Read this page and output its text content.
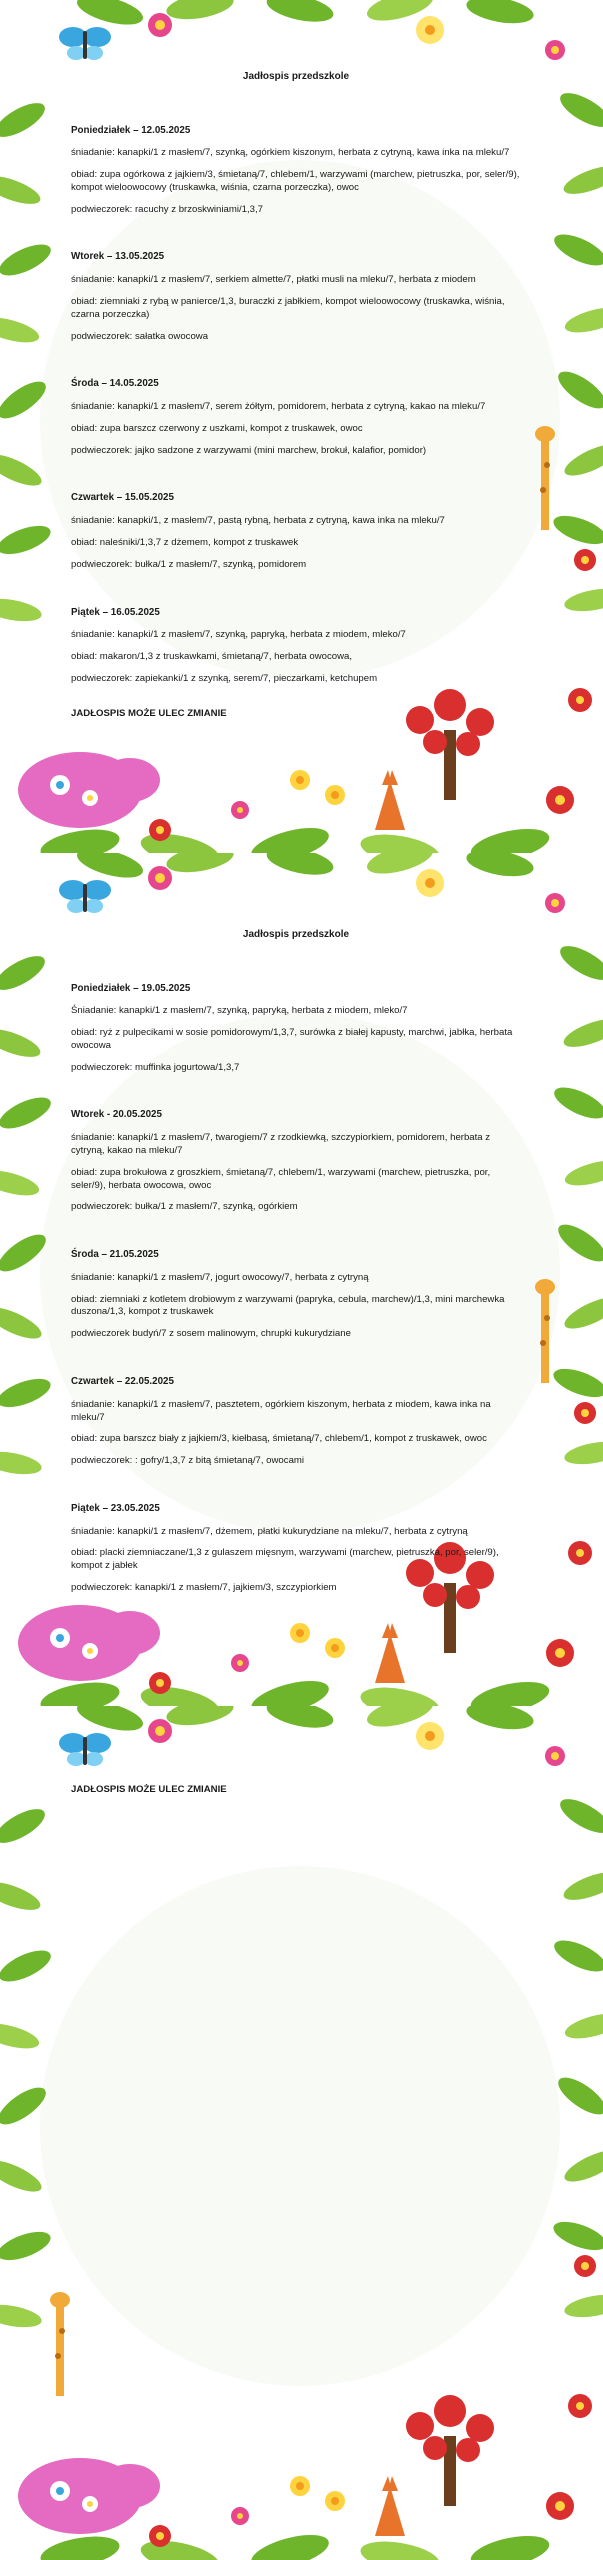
Jadłospis przedszkole
Poniedziałek – 12.05.2025

śniadanie: kanapki/1 z masłem/7, szynką, ogórkiem kiszonym, herbata z cytryną, kawa inka na mleku/7

obiad: zupa ogórkowa z jajkiem/3, śmietaną/7, chlebem/1, warzywami (marchew, pietruszka, por, seler/9), kompot wieloowocowy (truskawka, wiśnia, czarna porzeczka), owoc

podwieczorek: racuchy z brzoskwiniami/1,3,7

Wtorek – 13.05.2025

śniadanie: kanapki/1 z masłem/7, serkiem almette/7, płatki musli na mleku/7, herbata z miodem

obiad: ziemniaki z rybą w panierce/1,3, buraczki z jabłkiem, kompot wieloowocowy (truskawka, wiśnia, czarna porzeczka)

podwieczorek: sałatka owocowa

Środa – 14.05.2025

śniadanie: kanapki/1 z masłem/7, serem żółtym, pomidorem, herbata z cytryną, kakao na mleku/7

obiad: zupa barszcz czerwony z uszkami, kompot z truskawek, owoc

podwieczorek: jajko sadzone z warzywami (mini marchew, brokuł, kalafior, pomidor)

Czwartek – 15.05.2025

śniadanie: kanapki/1, z masłem/7, pastą rybną, herbata z cytryną, kawa inka na mleku/7

obiad: naleśniki/1,3,7 z dżemem, kompot z truskawek

podwieczorek: bułka/1 z masłem/7, szynką, pomidorem

Piątek – 16.05.2025

śniadanie: kanapki/1 z masłem/7, szynką, papryką, herbata z miodem, mleko/7

obiad: makaron/1,3 z truskawkami, śmietaną/7, herbata owocowa,

podwieczorek: zapiekanki/1 z szynką, serem/7, pieczarkami, ketchupem

JADŁOSPIS MOŻE ULEC ZMIANIE
Jadłospis przedszkole
Poniedziałek – 19.05.2025

Śniadanie: kanapki/1 z masłem/7, szynką, papryką, herbata z miodem, mleko/7

obiad: ryż z pulpecikami w sosie pomidorowym/1,3,7, surówka z białej kapusty, marchwi, jabłka, herbata owocowa

podwieczorek: muffinka jogurtowa/1,3,7

Wtorek - 20.05.2025

śniadanie: kanapki/1 z masłem/7, twarogiem/7 z rzodkiewką, szczypiorkiem, pomidorem, herbata z cytryną, kakao na mleku/7

obiad: zupa brokułowa z groszkiem, śmietaną/7, chlebem/1, warzywami (marchew, pietruszka, por, seler/9), herbata owocowa, owoc

podwieczorek: bułka/1 z masłem/7, szynką, ogórkiem

Środa – 21.05.2025

śniadanie: kanapki/1 z masłem/7, jogurt owocowy/7, herbata z cytryną

obiad: ziemniaki z kotletem drobiowym z warzywami (papryka, cebula, marchew)/1,3, mini marchewka duszona/1,3, kompot z truskawek

podwieczorek budyń/7 z sosem malinowym, chrupki kukurydziane

Czwartek – 22.05.2025

śniadanie: kanapki/1 z masłem/7, pasztetem, ogórkiem kiszonym, herbata z miodem, kawa inka na mleku/7

obiad: zupa barszcz biały z jajkiem/3, kiełbasą, śmietaną/7, chlebem/1, kompot z truskawek, owoc

podwieczorek: : gofry/1,3,7 z bitą śmietaną/7, owocami

Piątek – 23.05.2025

śniadanie: kanapki/1 z masłem/7, dżemem, płatki kukurydziane na mleku/7, herbata z cytryną

obiad: placki ziemniaczane/1,3 z gulaszem mięsnym, warzywami (marchew, pietruszka, por, seler/9), kompot z jabłek

podwieczorek: kanapki/1 z masłem/7, jajkiem/3, szczypiorkiem

JADŁOSPIS MOŻE ULEC ZMIANIE
